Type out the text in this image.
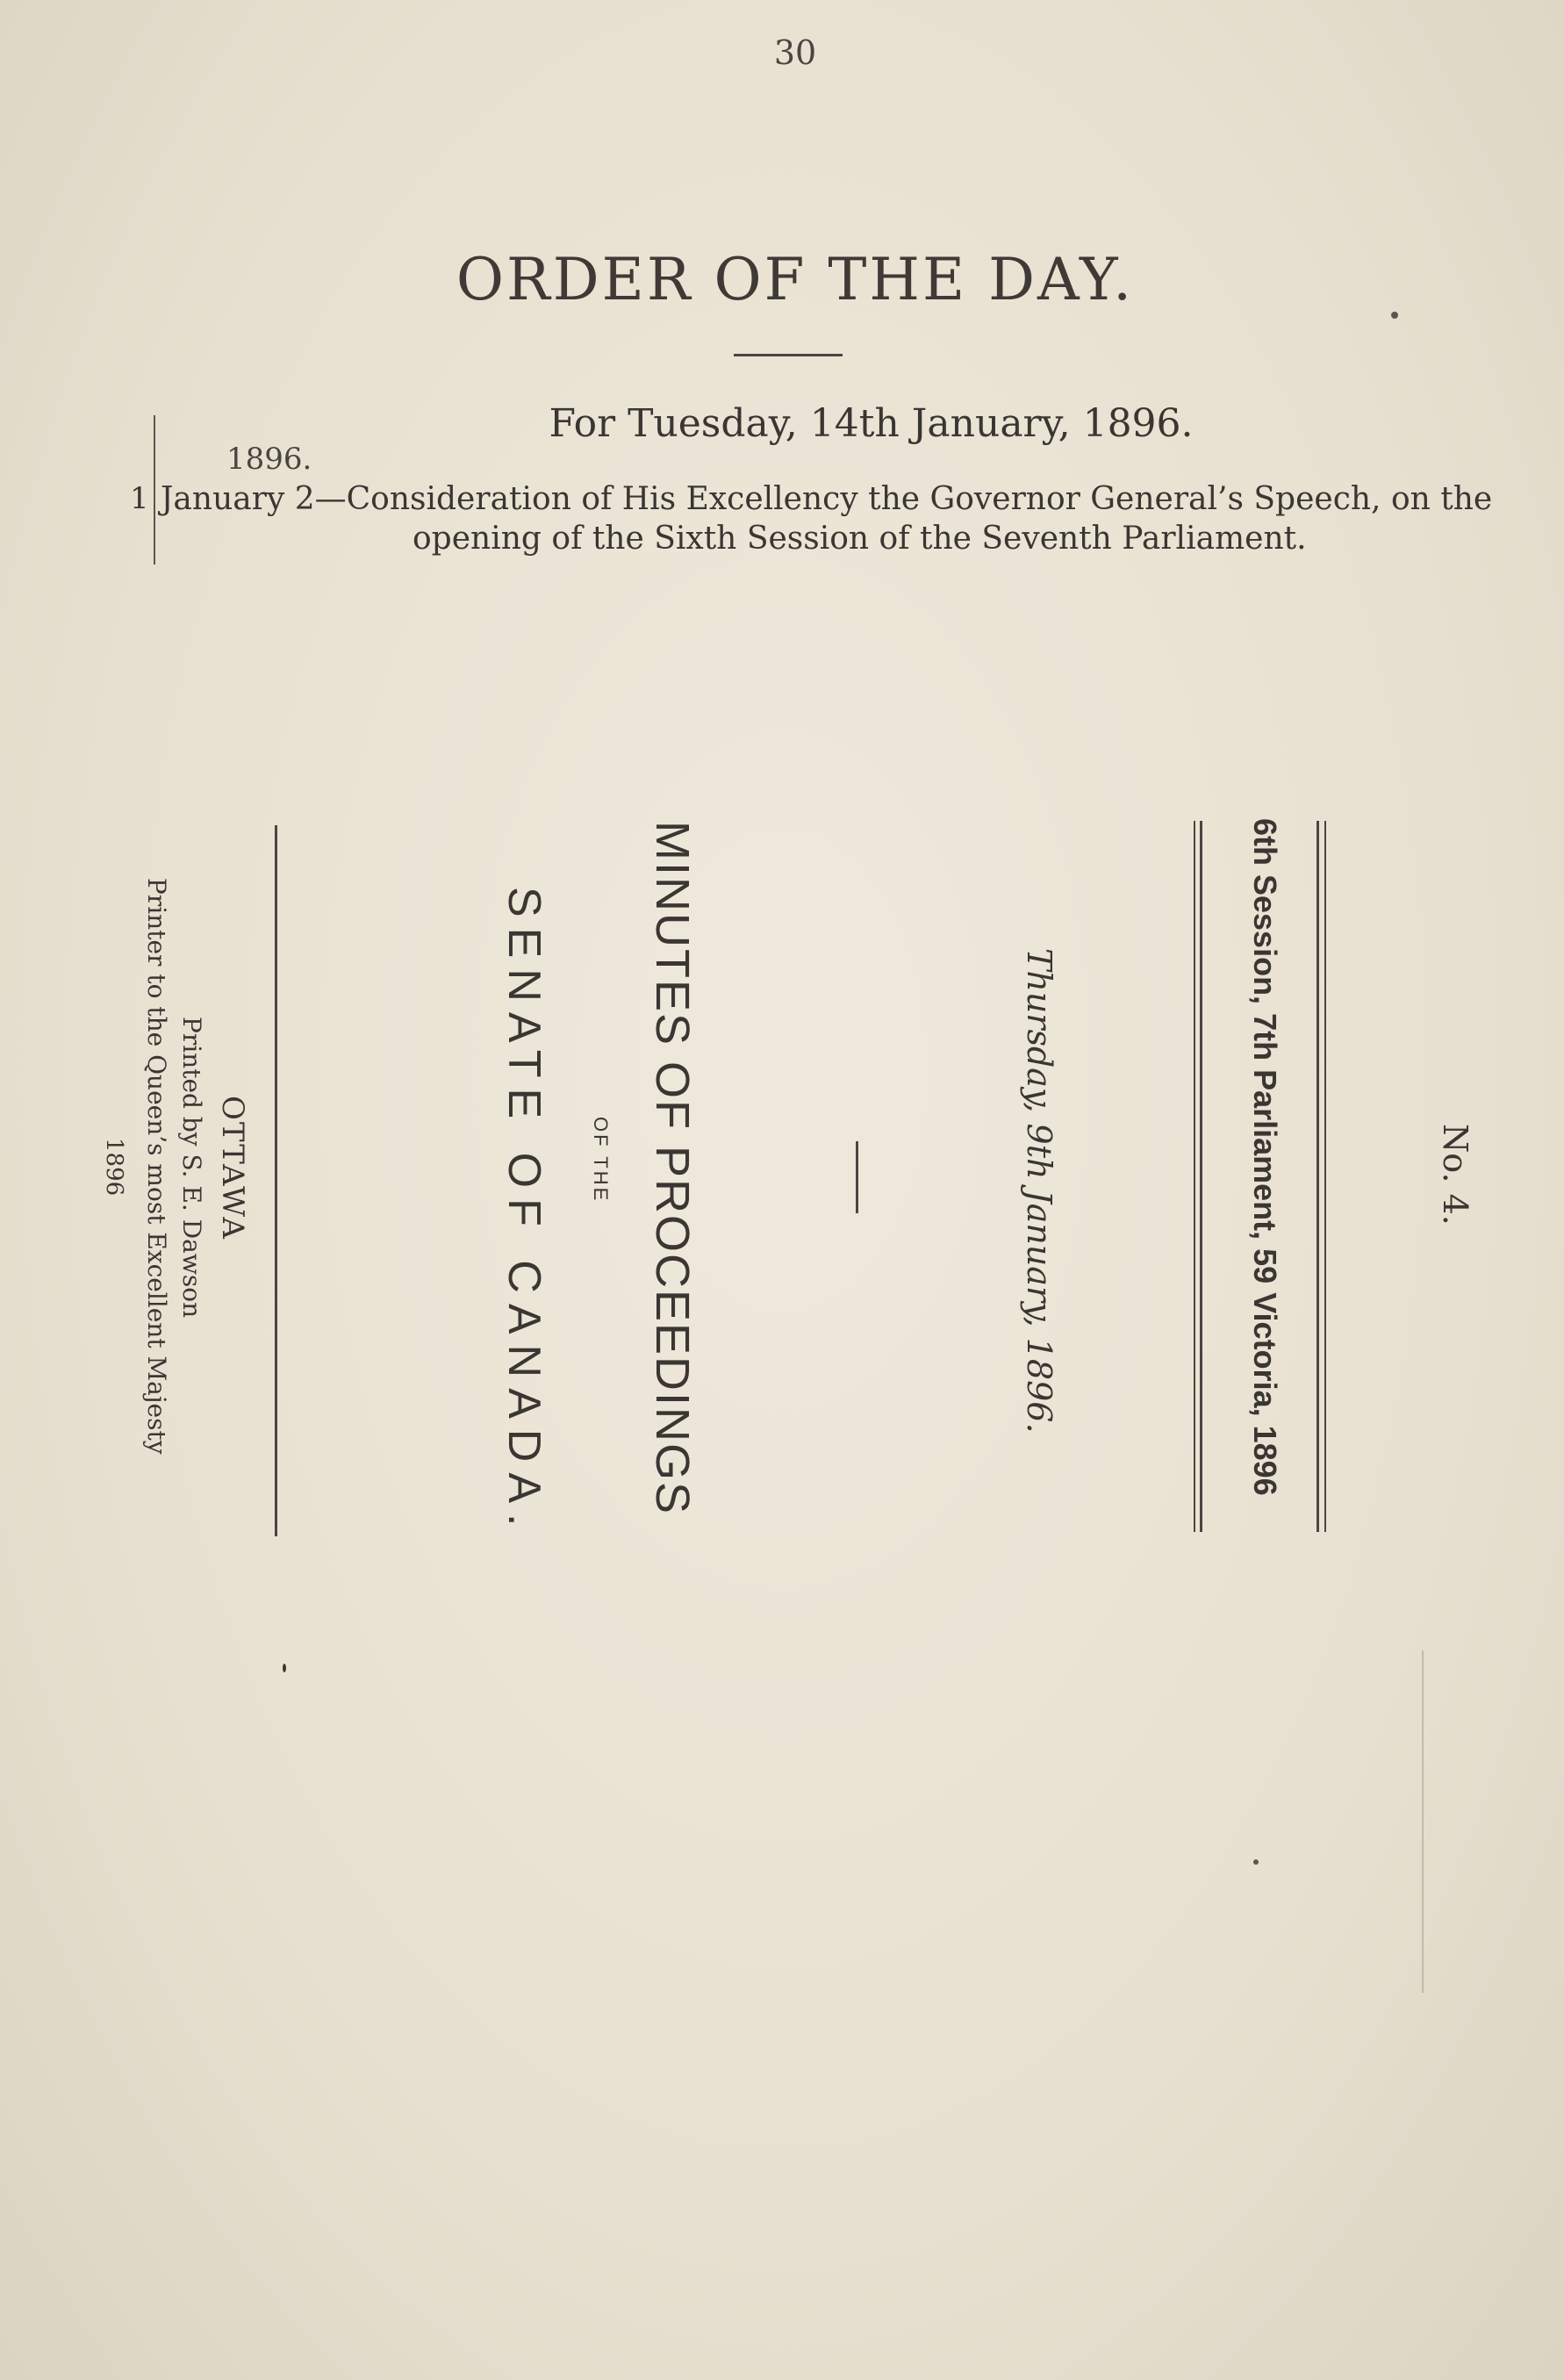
30
ORDER OF THE DAY.
For Tuesday, 14th January, 1896.
1896.
1 January 2—Consideration of His Excellency the Governor General’s Speech, on the
opening of the Sixth Session of the Seventh Parliament.
No. 4.
6th Session, 7th Parliament, 59 Victoria, 1896
Thursday, 9th January, 1896.
MINUTES OF PROCEEDINGS
OF THE
SENATE OF CANADA.
OTTAWA
Printed by S. E. Dawson
Printer to the Queen’s most Excellent Majesty
1896
